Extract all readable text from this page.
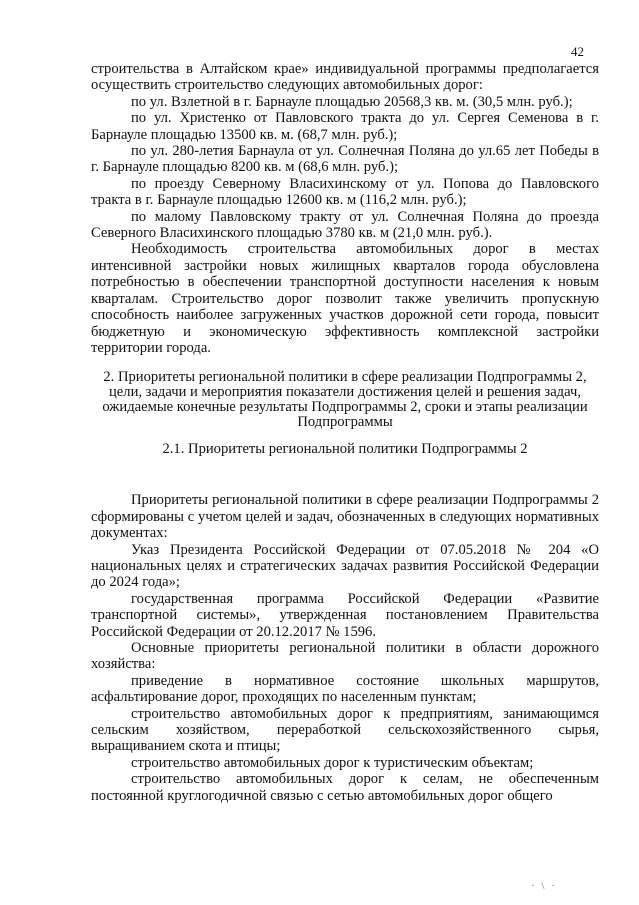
42

строительства в Алтайском крае» индивидуальной программы предполагается осуществить строительство следующих автомобильных дорог:

по ул. Взлетной в г. Барнауле площадью 20568,3 кв. м. (30,5 млн. руб.);

по ул. Христенко от Павловского тракта до ул. Сергея Семенова в г. Барнауле площадью 13500 кв. м. (68,7 млн. руб.);

по ул. 280-летия Барнаула от ул. Солнечная Поляна до ул.65 лет Победы в г. Барнауле площадью 8200 кв. м (68,6 млн. руб.);

по проезду Северному Власихинскому от ул. Попова до Павловского тракта в г. Барнауле площадью 12600 кв. м (116,2 млн. руб.);

по малому Павловскому тракту от ул. Солнечная Поляна до проезда Северного Власихинского площадью 3780 кв. м (21,0 млн. руб.).

Необходимость строительства автомобильных дорог в местах интенсивной застройки новых жилищных кварталов города обусловлена потребностью в обеспечении транспортной доступности населения к новым кварталам. Строительство дорог позволит также увеличить пропускную способность наиболее загруженных участков дорожной сети города, повысит бюджетную и экономическую эффективность комплексной застройки территории города.

2. Приоритеты региональной политики в сфере реализации Подпрограммы 2, цели, задачи и мероприятия показатели достижения целей и решения задач, ожидаемые конечные результаты Подпрограммы 2, сроки и этапы реализации Подпрограммы

2.1. Приоритеты региональной политики Подпрограммы 2

Приоритеты региональной политики в сфере реализации Подпрограммы 2 сформированы с учетом целей и задач, обозначенных в следующих нормативных документах:

Указ Президента Российской Федерации от 07.05.2018 № 204 «О национальных целях и стратегических задачах развития Российской Федерации до 2024 года»;

государственная программа Российской Федерации «Развитие транспортной системы», утвержденная постановлением Правительства Российской Федерации от 20.12.2017 № 1596.

Основные приоритеты региональной политики в области дорожного хозяйства:

приведение в нормативное состояние школьных маршрутов, асфальтирование дорог, проходящих по населенным пунктам;

строительство автомобильных дорог к предприятиям, занимающимся сельским хозяйством, переработкой сельскохозяйственного сырья, выращиванием скота и птицы;

строительство автомобильных дорог к туристическим объектам;

строительство автомобильных дорог к селам, не обеспеченным постоянной круглогодичной связью с сетью автомобильных дорог общего

· \ ·
